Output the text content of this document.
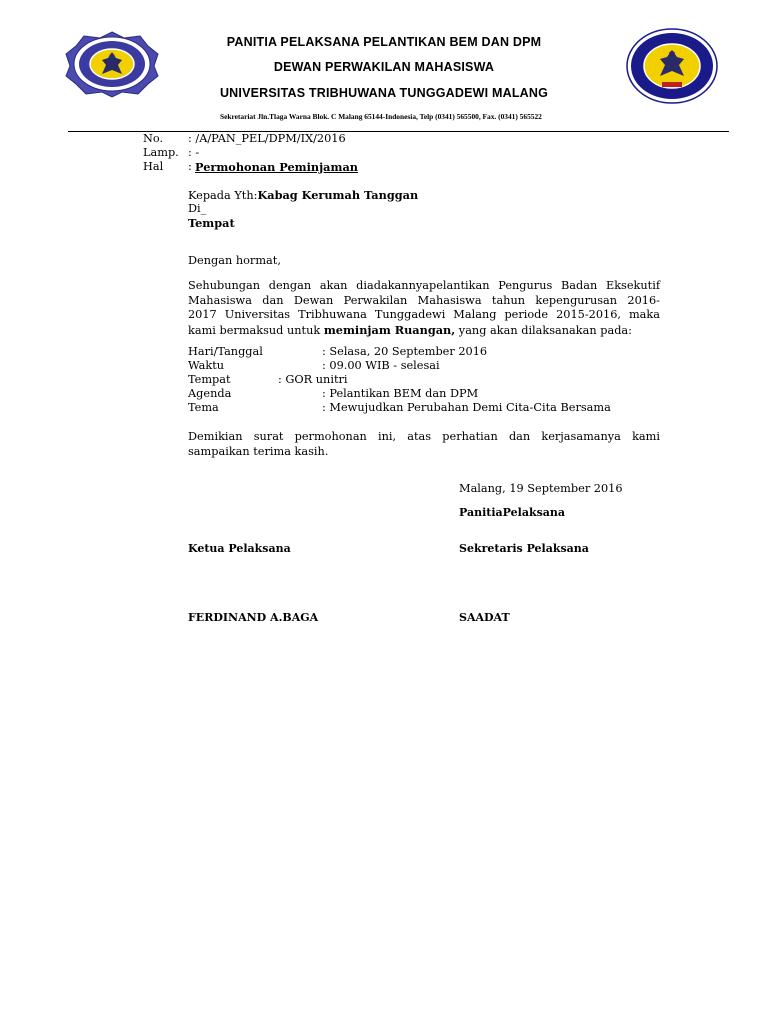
PANITIA PELAKSANA PELANTIKAN BEM DAN DPM
DEWAN PERWAKILAN MAHASISWA
UNIVERSITAS TRIBHUWANA TUNGGADEWI MALANG
Sekretariat Jln.Tlaga Warna Blok. C Malang 65144-Indonesia, Telp (0341) 565500, Fax. (0341) 565522
No. : /A/PAN_PEL/DPM/IX/2016
Lamp. : -
Hal : Permohonan Peminjaman
Kepada Yth:Kabag Kerumah Tanggan
Di_
Tempat
Dengan hormat,
Sehubungan dengan akan diadakannyapelantikan Pengurus Badan Eksekutif
Mahasiswa dan Dewan Perwakilan Mahasiswa tahun kepengurusan 2016-
2017 Universitas Tribhuwana Tunggadewi Malang periode 2015-2016, maka
kami bermaksud untuk meminjam Ruangan, yang akan dilaksanakan pada:
Hari/Tanggal	: Selasa, 20 September 2016
Waktu	: 09.00 WIB - selesai
Tempat	: GOR unitri
Agenda	: Pelantikan BEM dan DPM
Tema	: Mewujudkan Perubahan Demi Cita-Cita Bersama
Demikian surat permohonan ini, atas perhatian dan kerjasamanya kami
sampaikan terima kasih.
Malang, 19 September 2016
PanitiaPelaksana
Ketua Pelaksana	Sekretaris Pelaksana
FERDINAND A.BAGA	SAADAT
